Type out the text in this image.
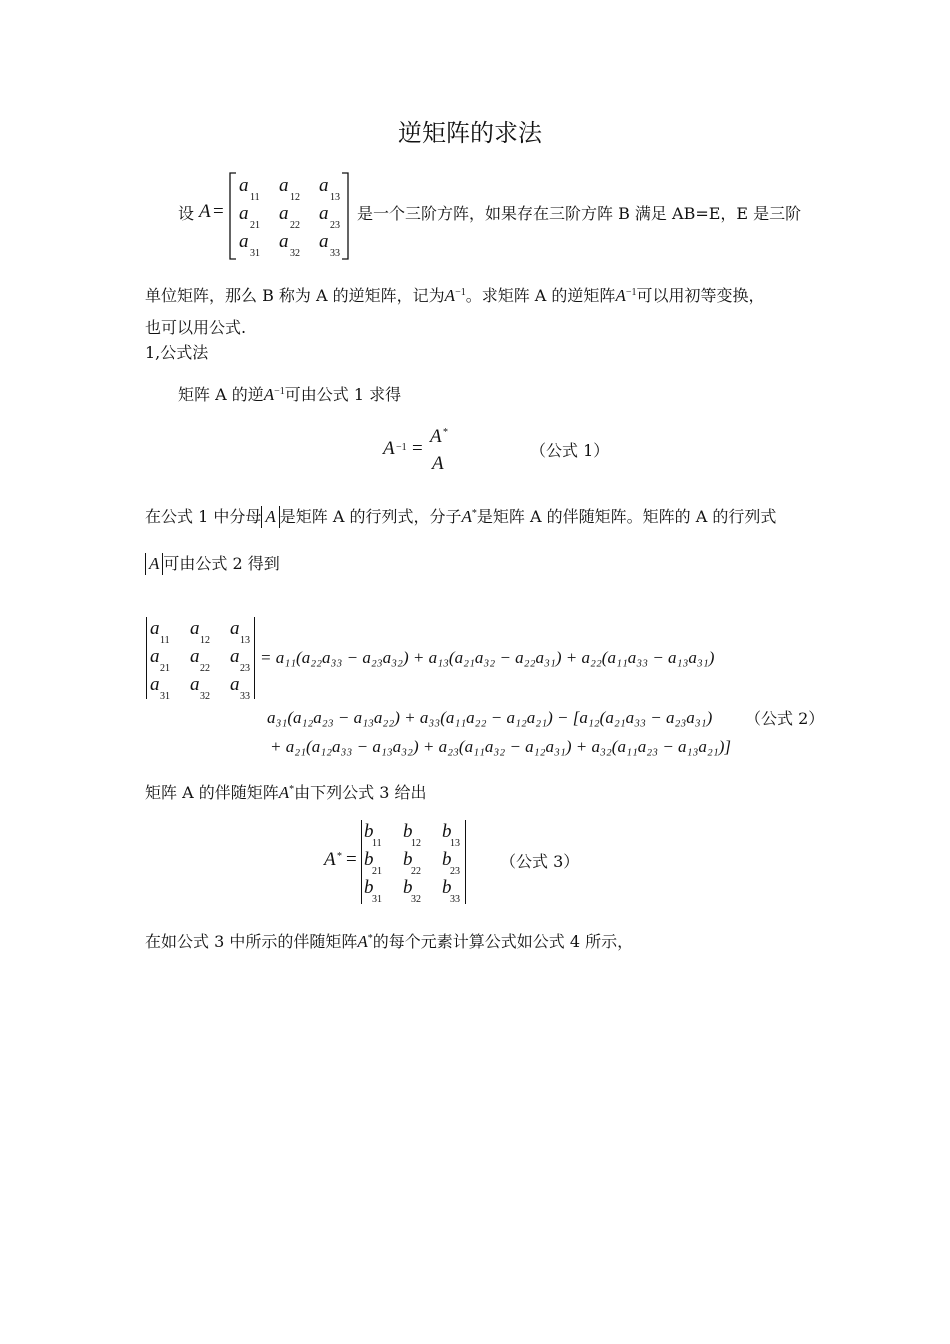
逆矩阵的求法
设 A =
a
11
a
12
a
13
a
21
a
22
a
23
a
31
a
32
a
33
是一个三阶方阵，如果存在三阶方阵 B 满足 AB=E，E 是三阶
单位矩阵，那么 B 称为 A 的逆矩阵，记为$A^{-1}$。求矩阵 A 的逆矩阵$A^{-1}$可以用初等变换，
也可以用公式.
1,公式法
矩阵 A 的逆$A^{-1}$可由公式 1 求得
A −1 =
A *
A
（公式 1）
在公式 1 中分母 A 是矩阵 A 的行列式，分子A*是矩阵 A 的伴随矩阵。矩阵的 A 的行列式
A 可由公式 2 得到
a
11
a
12
a
13
a
21
a
22
a
23
a
31
a
32
a
33
= a₁₁(a₂₂a₃₃ − a₂₃a₃₂) + a₁₃(a₂₁a₃₂ − a₂₂a₃₁) + a₂₂(a₁₁a₃₃ − a₁₃a₃₁)
a₃₁(a₁₂a₂₃ − a₁₃a₂₂) + a₃₃(a₁₁a₂₂ − a₁₂a₂₁) − [a₁₂(a₂₁a₃₃ − a₂₃a₃₁) （公式 2）
+ a₂₁(a₁₂a₃₃ − a₁₃a₃₂) + a₂₃(a₁₁a₃₂ − a₁₂a₃₁) + a₃₂(a₁₁a₂₃ − a₁₃a₂₁)]
矩阵 A 的伴随矩阵A*由下列公式 3 给出
A * =
b
11
b
12
b
13
b
21
b
22
b
23
b
31
b
32
b
33
（公式 3）
在如公式 3 中所示的伴随矩阵A*的每个元素计算公式如公式 4 所示，
